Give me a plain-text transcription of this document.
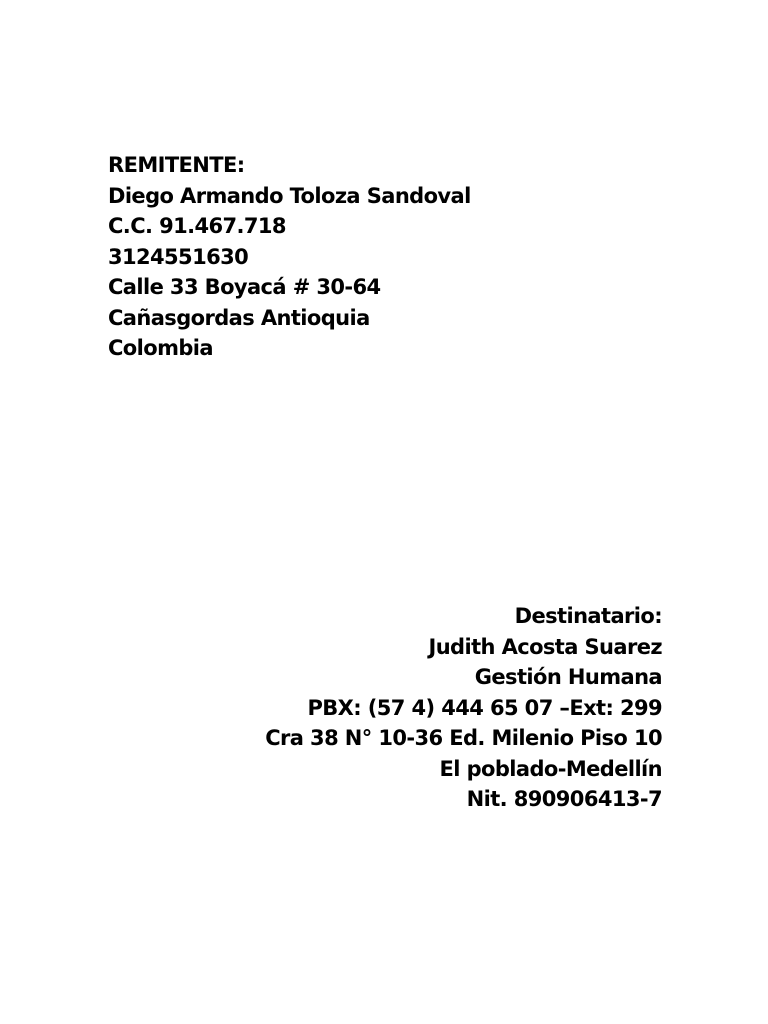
REMITENTE:
Diego Armando Toloza Sandoval
C.C. 91.467.718
3124551630
Calle 33 Boyacá # 30-64
Cañasgordas Antioquia
Colombia
Destinatario:
Judith Acosta Suarez
Gestión Humana
PBX: (57 4) 444 65 07 –Ext: 299
Cra 38 N° 10-36 Ed. Milenio Piso 10
El poblado-Medellín
Nit. 890906413-7
